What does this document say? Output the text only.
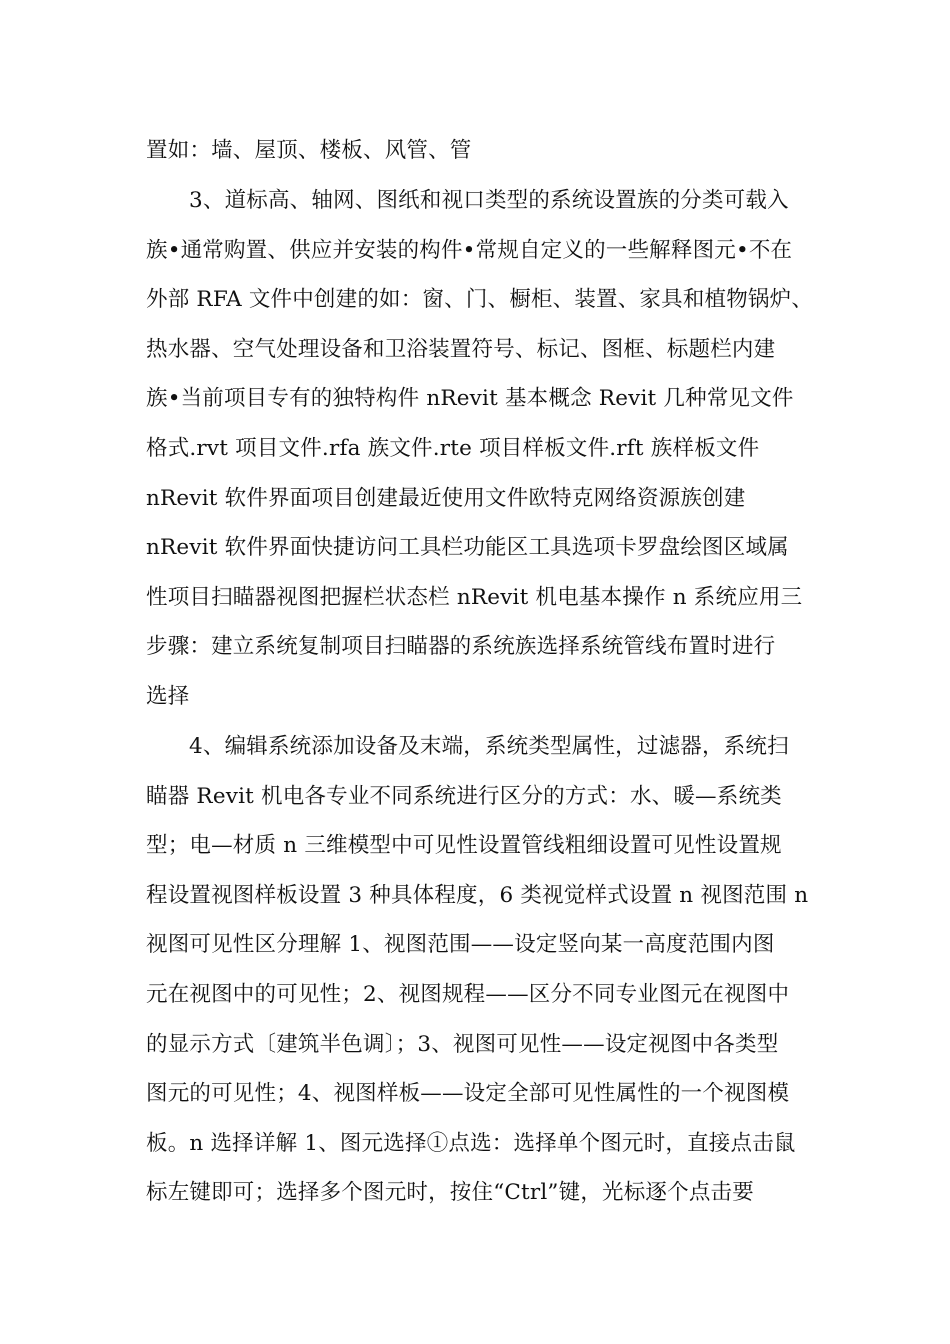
置如：墙、屋顶、楼板、风管、管
3、道标高、轴网、图纸和视口类型的系统设置族的分类可载入
族•通常购置、供应并安装的构件•常规自定义的一些解释图元•不在
外部 RFA 文件中创建的如：窗、门、橱柜、装置、家具和植物锅炉、
热水器、空气处理设备和卫浴装置符号、标记、图框、标题栏内建
族•当前项目专有的独特构件 nRevit 基本概念 Revit 几种常见文件
格式.rvt 项目文件.rfa 族文件.rte 项目样板文件.rft 族样板文件
nRevit 软件界面项目创建最近使用文件欧特克网络资源族创建
nRevit 软件界面快捷访问工具栏功能区工具选项卡罗盘绘图区域属
性项目扫瞄器视图把握栏状态栏 nRevit 机电基本操作 n 系统应用三
步骤：建立系统复制项目扫瞄器的系统族选择系统管线布置时进行
选择
4、编辑系统添加设备及末端，系统类型属性，过滤器，系统扫
瞄器 Revit 机电各专业不同系统进行区分的方式：水、暖—系统类
型；电—材质 n 三维模型中可见性设置管线粗细设置可见性设置规
程设置视图样板设置 3 种具体程度，6 类视觉样式设置 n 视图范围 n
视图可见性区分理解 1、视图范围——设定竖向某一高度范围内图
元在视图中的可见性；2、视图规程——区分不同专业图元在视图中
的显示方式〔建筑半色调〕；3、视图可见性——设定视图中各类型
图元的可见性；4、视图样板——设定全部可见性属性的一个视图模
板。n 选择详解 1、图元选择①点选：选择单个图元时，直接点击鼠
标左键即可；选择多个图元时，按住“Ctrl”键，光标逐个点击要
